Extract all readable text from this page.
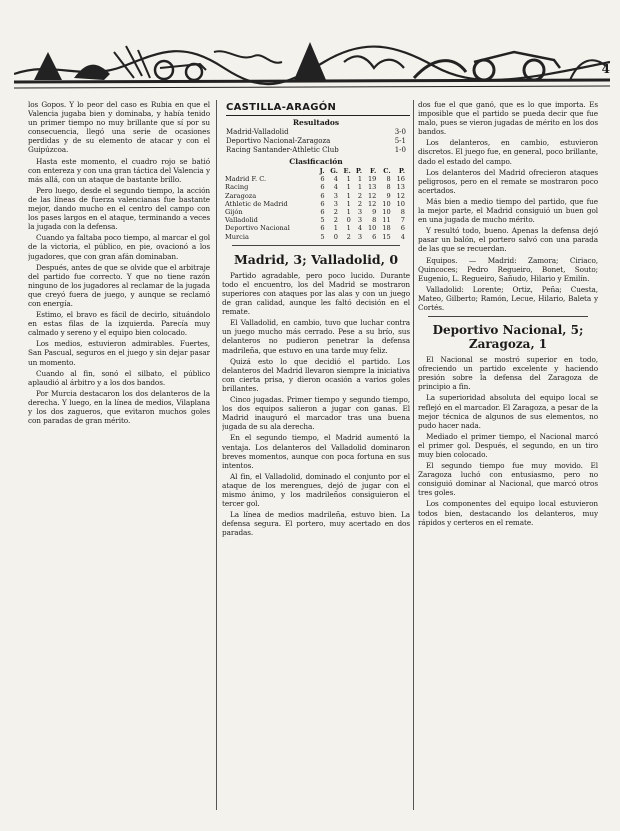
4

los Gopos. Y lo peor del caso es Rubia en que el Valencia jugaba bien y dominaba, y había tenido un primer tiempo no muy brillante que sí por su consecuencia, llegó una serie de ocasiones perdidas y de su elemento de atacar y con el Guipúzcoa.

Hasta este momento, el cuadro rojo se batió con entereza y con una gran táctica del Valencia y más allá, con un ataque de bastante brillo.

Pero luego, desde el segundo tiempo, la acción de las líneas de fuerza valencianas fue bastante mejor, dando mucho en el centro del campo con los pases largos en el ataque, terminando a veces la jugada con la defensa.

Cuando ya faltaba poco tiempo, al marcar el gol de la victoria, el público, en pie, ovacionó a los jugadores, que con gran afán dominaban.

Después, antes de que se olvide que el arbitraje del partido fue correcto. Y que no tiene razón ninguno de los jugadores al reclamar de la jugada que creyó fuera de juego, y aunque se reclamó con energía.

Estimo, el bravo es fácil de decirlo, situándolo en estas filas de la izquierda. Parecía muy calmado y sereno y el equipo bien colocado.

Los medios, estuvieron admirables. Fuertes, San Pascual, seguros en el juego y sin dejar pasar un momento.

Cuando al fin, sonó el silbato, el público aplaudió al árbitro y a los dos bandos.

Por Murcia destacaron los dos delanteros de la derecha. Y luego, en la línea de medios, Vilaplana y los dos zagueros, que evitaron muchos goles con paradas de gran mérito.

CASTILLA-ARAGÓN
Resultados
Madrid-Valladolid	3-0
Deportivo Nacional-Zaragoza	5-1
Racing Santander-Athletic Club	1-0
Clasificación
	J.	G.	E.	P.	F.	C.	P.
Madrid F. C.	6	4	1	1	19	8	16
Racing	6	4	1	1	13	8	13
Zaragoza	6	3	1	2	12	9	12
Athletic de Madrid	6	3	1	2	12	10	10
Gijón	6	2	1	3	9	10	8
Valladolid	5	2	0	3	8	11	7
Deportivo Nacional	6	1	1	4	10	18	6
Murcia	5	0	2	3	6	15	4
Madrid, 3; Valladolid, 0

Partido agradable, pero poco lucido. Durante todo el encuentro, los del Madrid se mostraron superiores con ataques por las alas y con un juego de gran calidad, aunque les faltó decisión en el remate.

El Valladolid, en cambio, tuvo que luchar contra un juego mucho más cerrado. Pese a su brío, sus delanteros no pudieron penetrar la defensa madrileña, que estuvo en una tarde muy feliz.

Quizá esto lo que decidió el partido. Los delanteros del Madrid llevaron siempre la iniciativa con cierta prisa, y dieron ocasión a varios goles brillantes.

Cinco jugadas. Primer tiempo y segundo tiempo, los dos equipos salieron a jugar con ganas. El Madrid inauguró el marcador tras una buena jugada de su ala derecha.

En el segundo tiempo, el Madrid aumentó la ventaja. Los delanteros del Valladolid dominaron breves momentos, aunque con poca fortuna en sus intentos.

Al fin, el Valladolid, dominado el conjunto por el ataque de los merengues, dejó de jugar con el mismo ánimo, y los madrileños consiguieron el tercer gol.

La línea de medios madrileña, estuvo bien. La defensa segura. El portero, muy acertado en dos paradas.

dos fue el que ganó, que es lo que importa. Es imposible que el partido se pueda decir que fue malo, pues se vieron jugadas de mérito en los dos bandos.

Los delanteros, en cambio, estuvieron discretos. El juego fue, en general, poco brillante, dado el estado del campo.

Los delanteros del Madrid ofrecieron ataques peligrosos, pero en el remate se mostraron poco acertados.

Más bien a medio tiempo del partido, que fue la mejor parte, el Madrid consiguió un buen gol en una jugada de mucho mérito.

Y resultó todo, bueno. Apenas la defensa dejó pasar un balón, el portero salvó con una parada de las que se recuerdan.

Equipos. — Madrid: Zamora; Ciriaco, Quincoces; Pedro Regueiro, Bonet, Souto; Eugenio, L. Regueiro, Sañudo, Hilario y Emilín.

Valladolid: Lorente; Ortiz, Peña; Cuesta, Mateo, Gilberto; Ramón, Lecue, Hilario, Baleta y Cortés.

Deportivo Nacional, 5; Zaragoza, 1

El Nacional se mostró superior en todo, ofreciendo un partido excelente y haciendo presión sobre la defensa del Zaragoza de principio a fin.

La superioridad absoluta del equipo local se reflejó en el marcador. El Zaragoza, a pesar de la mejor técnica de algunos de sus elementos, no pudo hacer nada.

Mediado el primer tiempo, el Nacional marcó el primer gol. Después, el segundo, en un tiro muy bien colocado.

El segundo tiempo fue muy movido. El Zaragoza luchó con entusiasmo, pero no consiguió dominar al Nacional, que marcó otros tres goles.

Los componentes del equipo local estuvieron todos bien, destacando los delanteros, muy rápidos y certeros en el remate.
